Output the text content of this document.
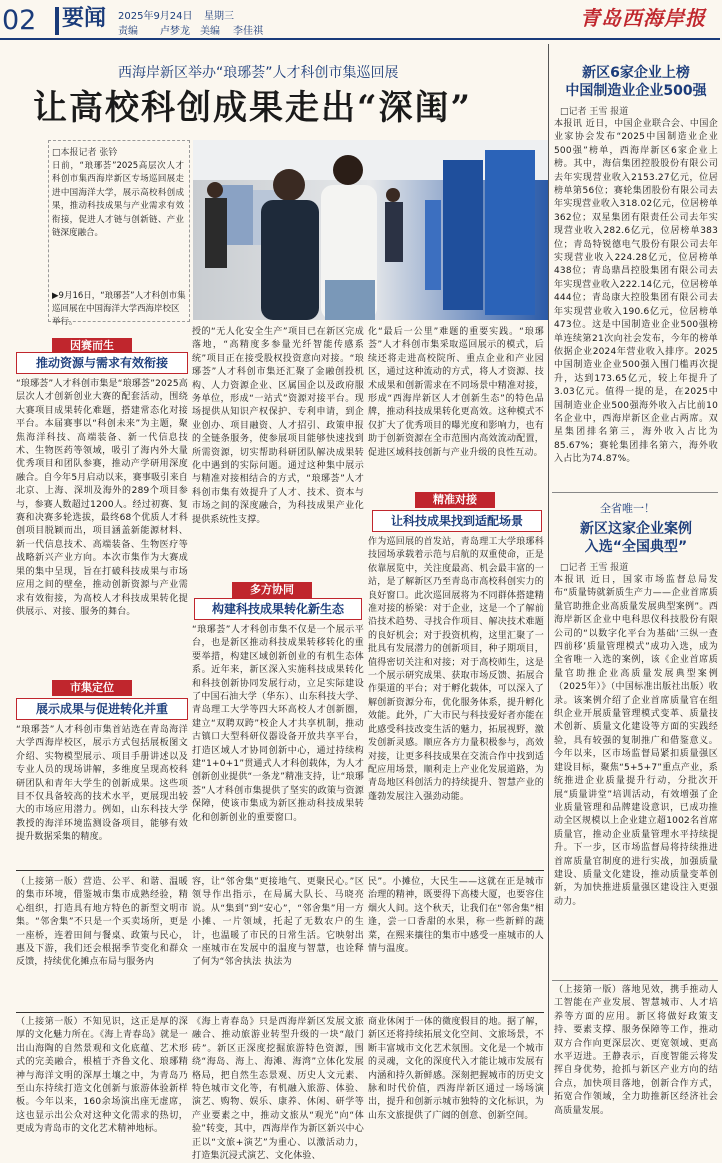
02	要闻 2025年9月24日 星期三
责编 卢梦龙 美编 李佳祺
青岛西海岸报
西海岸新区举办“琅琊荟”人才科创市集巡回展
让高校科创成果走出“深闺”
□本报记者 张钤
日前，“琅琊荟”2025高层次人才科创市集西海岸新区专场巡回展走进中国海洋大学，展示高校科创成果，推动科技成果与产业需求有效衔接，促进人才链与创新链、产业链深度融合。
▶9月16日，“琅琊荟”人才科创市集巡回展在中国海洋大学西海岸校区举行。
因赛而生
推动资源与需求有效衔接
“琅琊荟”人才科创市集是“琅琊荟”2025高层次人才创新创业大赛的配套活动，围绕大赛项目成果转化难题，搭建常态化对接平台。本届赛事以“科创未来”为主题，聚焦海洋科技、高端装备、新一代信息技术、生物医药等领域，吸引了海内外大量优秀项目和团队参赛，推动产学研用深度融合。自今年5月启动以来，赛事吸引来自北京、上海、深圳及海外的289个项目参与，参赛人数超过1200人。经过初赛、复赛和决赛多轮选拔，最终68个优质人才科创项目脱颖而出，项目涵盖新能源材料、新一代信息技术、高端装备、生物医疗等战略新兴产业方向。本次市集作为大赛成果的集中呈现，旨在打破科技成果与市场应用之间的壁垒，推动创新资源与产业需求有效衔接，为高校人才科技成果转化提供展示、对接、服务的舞台。
市集定位
展示成果与促进转化并重
“琅琊荟”人才科创市集首站选在青岛海洋大学西海岸校区，展示方式包括展板图文介绍、实物模型展示、项目手册讲述以及专业人员的现场讲解，多维度呈现高校科研团队和青年大学生的创新成果。这些项目不仅具备较高的技术水平，更展现出较大的市场应用潜力。例如，山东科技大学教授的海洋环境监测设备项目，能够有效提升数据采集的精度。
授的“无人化安全生产”项目已在新区完成落地，“高精度多参量光纤智能传感系统”项目正在接受股权投资意向对接。“琅琊荟”人才科创市集还汇聚了金融创投机构、人力资源企业、区属国企以及政府服务单位，形成“一站式”资源对接平台。现场提供从知识产权保护、专利申请，到企业创办、项目融资、人才招引、政策申报的全链条服务，使参展项目能够快速找到所需资源，切实帮助科研团队解决成果转化中遇到的实际问题。通过这种集中展示与精准对接相结合的方式，“琅琊荟”人才科创市集有效提升了人才、技术、资本与市场之间的深度融合，为科技成果产业化提供系统性支撑。
多方协同
构建科技成果转化新生态
“琅琊荟”人才科创市集不仅是一个展示平台，也是新区推动科技成果转移转化的重要举措，构建区域创新创业的有机生态体系。近年来，新区深入实施科技成果转化和科技创新协同发展行动，立足实际建设了中国石油大学（华东）、山东科技大学、青岛理工大学等四大环高校人才创新圈，建立“双聘双跨”校企人才共享机制，推动古镇口大型科研仪器设备开放共享平台，打造区域人才协同创新中心，通过持续构建“1+0+1”贯通式人才科创载体，为人才创新创业提供“一条龙”精准支持，让“琅琊荟”人才科创市集提供了坚实的政策与资源保障，使该市集成为新区推动科技成果转化和创新创业的重要窗口。
化“最后一公里”难题的重要实践。“琅琊荟”人才科创市集采取巡回展示的模式，后续还将走进高校院所、重点企业和产业园区，通过这种流动的方式，将人才资源、技术成果和创新需求在不同场景中精准对接，形成“西海岸新区人才创新生态”的特色品牌，推动科技成果转化更高效。这种模式不仅扩大了优秀项目的曝光度和影响力，也有助于创新资源在全市范围内高效流动配置，促进区域科技创新与产业升级的良性互动。
精准对接
让科技成果找到适配场景
作为巡回展的首发站，青岛理工大学琅琊科技园场承载着示范与启航的双重使命，正是依靠展览中，关注度最高、机会最丰富的一站，是了解新区乃至青岛市高校科创实力的良好窗口。此次巡回展将为不同群体搭建精准对接的桥梁：对于企业，这是一个了解前沿技术趋势、寻找合作项目、解决技术难题的良好机会；对于投资机构，这里汇聚了一批具有发展潜力的创新项目，种子期项目，值得密切关注和对接；对于高校师生，这是一个展示研究成果、获取市场反馈、拓展合作渠道的平台；对于孵化载体，可以深入了解创新资源分布，优化服务体系，提升孵化效能。此外，广大市民与科技爱好者亦能在此感受科技改变生活的魅力，拓展视野，激发创新灵感。顺应各方力量积极参与，高效对接，让更多科技成果在交流合作中找到适配应用场景，顺利走上产业化发展道路，为青岛地区科创活力的持续提升、智慧产业的蓬勃发展注入强劲动能。
（上接第一版）营造、公平、和谐、温暖的集市环境，借鉴城市集市成熟经验，精心组织，打造具有地方特色的新型文明市集。“邻舍集”不只是一个买卖场所，更是一座桥，连着田间与餐桌、政策与民心，惠及下游，我们还会根据季节变化和群众反馈，持续优化摊点布局与服务内
容，让“邻舍集”更接地气、更聚民心。”区领导作出指示，在局属大队长、马晓亮说。从“集到”到“安心”，“邻舍集”用一方小摊、一片领域，托起了无数农户的生计，也温暖了市民的日常生活。它映射出一座城市在发展中的温度与智慧，也诠释了何为“邻舍执法 执法为
民”。小摊位，大民生——这就在正是城市治理的精神，既要得下高楼大厦，也要容住烟火人间。这个秋天，让我们在“邻舍集”相逢，尝一口香甜的水果，称一些新鲜的蔬菜，在熙来攘往的集市中感受一座城市的人情与温度。
（上接第一版）不知见识，这正是厚的深厚的文化魅力所在。《海上青春岛》就是一出山海陶的自然景观和文化底蕴、艺术形式的完美融合，根植于齐鲁文化、琅琊精神与海洋文明的深厚土壤之中，为青岛乃至山东持续打造文化创新与旅游体验新样板。今年以来，160余场演出座无虚席，这也显示出公众对这种文化需求的热切，更成为青岛市的文化艺术精神地标。
《海上青春岛》只是西海岸新区发展文旅融合、推动旅游业转型升级的一块“敲门砖”。新区正深度挖掘旅游特色资源，围绕“海岛、海上、海滩、海湾”立体化发展格局，把自然生态景观、历史人文元素、特色城市文化等，有机融入旅游、体验、演艺、购物、娱乐、康养、休闲、研学等产业要素之中，推动文旅从“观光”向“体验”转变，其中，西海岸作为新区新兴中心正以“文旅+演艺”为重心、以激活动力，打造集沉浸式演艺、文化体验、
商业休闲于一体的微度假目的地。据了解，新区还将持续拓展文化空间、文旅场景，不断丰富城市文化艺术氛围。文化是一个城市的灵魂，文化的深度代入才能让城市发展有内涵和持久新鲜感。深刻把握城市的历史文脉和时代价值，西海岸新区通过一场场演出，提升和创新示城市独特的文化标识，为山东文旅提供了广阔的创意、创新空间。
新区6家企业上榜
中国制造业企业500强
□记者 王雪 报道
本报讯 近日，中国企业联合会、中国企业家协会发布“2025中国制造业企业500强”榜单，西海岸新区6家企业上榜。其中，海信集团控股股份有限公司去年实现营业收入2153.27亿元，位居榜单第56位；赛轮集团股份有限公司去年实现营业收入318.02亿元，位居榜单362位；双星集团有限责任公司去年实现营业收入282.6亿元，位居榜单383位；青岛特锐德电气股份有限公司去年实现营业收入224.28亿元，位居榜单438位；青岛鼎昌控股集团有限公司去年实现营业收入222.14亿元，位居榜单444位；青岛康大控股集团有限公司去年实现营业收入190.6亿元，位居榜单473位。这是中国制造业企业500强榜单连续第21次向社会发布，今年的榜单依据企业2024年营业收入排序。2025中国制造业企业500强入围门槛再次提升，达到173.65亿元，较上年提升了3.03亿元。值得一提的是，在2025中国制造业企业500强海外收入占比前10名企业中，西海岸新区企业占两席。双星集团排名第三，海外收入占比为85.67%；赛轮集团排名第六，海外收入占比为74.87%。
全省唯一！
新区这家企业案例
入选“全国典型”
□记者 王雪 报道
本报讯 近日，国家市场监督总局发布“质量铸就新质生产力——企业首席质量官助推企业高质量发展典型案例”。西海岸新区企业中电科思仪科技股份有限公司的“以数字化平台为基础‘三纵一查四前移’质量管理模式”成功入选，成为全省唯一入选的案例，该《企业首席质量官助推企业高质量发展典型案例（2025年）》（中国标准出版社出版）收录。该案例介绍了企业首席质量官在组织企业开展质量管理模式变革、质量技术创新、质量文化建设等方面的实践经验，具有较强的复制推广和借鉴意义。今年以来，区市场监督局紧扣质量强区建设目标，聚焦“5+5+7”重点产业，系统推进企业质量提升行动，分批次开展“质量讲堂”培训活动，有效增强了企业质量管理和品牌建设意识，已成功推动全区规模以上企业建立超1002名首席质量官，推动企业质量管理水平持续提升。下一步，区市场监督局将持续推进首席质量官制度的进行实战，加强质量建设、质量文化建设，推动质量变革创新，为加快推进质量强区建设注入更强动力。
（上接第一版）落地见效，携手推动人工智能在产业发展、智慧城市、人才培养等方面的应用。新区将做好政策支持、要素支撑、服务保障等工作，推动双方合作向更深层次、更宽领域、更高水平迈进。王静表示，百度智能云将发挥自身优势，抢抓与新区产业方向的结合点，加快项目落地，创新合作方式，拓宽合作领域，全力助推新区经济社会高质量发展。
